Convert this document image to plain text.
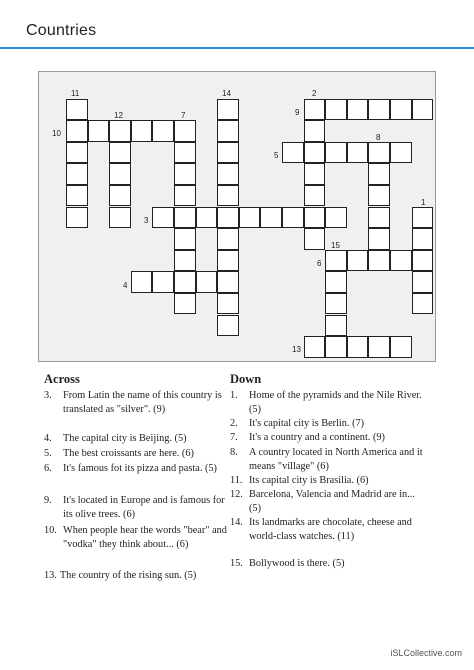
Countries
1
2
3
4
5
6
7
8
9
10
11
12
13
14
15
Across
3. From Latin the name of this country is translated as "silver". (9)
4. The capital city is Beijing. (5)
5. The best croissants are here. (6)
6. It's famous fot its pizza and pasta. (5)
9. It's located in Europe and is famous for its olive trees. (6)
10. When people hear the words "bear" and "vodka" they think about... (6)
13. The country of the rising sun. (5)
Down
1. Home of the pyramids and the Nile River. (5)
2. It's capital city is Berlin. (7)
7. It's a country and a continent. (9)
8. A country located in North America and it means "village" (6)
11. Its capital city is Brasilia. (6)
12. Barcelona, Valencia and Madrid are in... (5)
14. Its landmarks are chocolate, cheese and world-class watches. (11)
15. Bollywood is there. (5)
iSLCollective.com
